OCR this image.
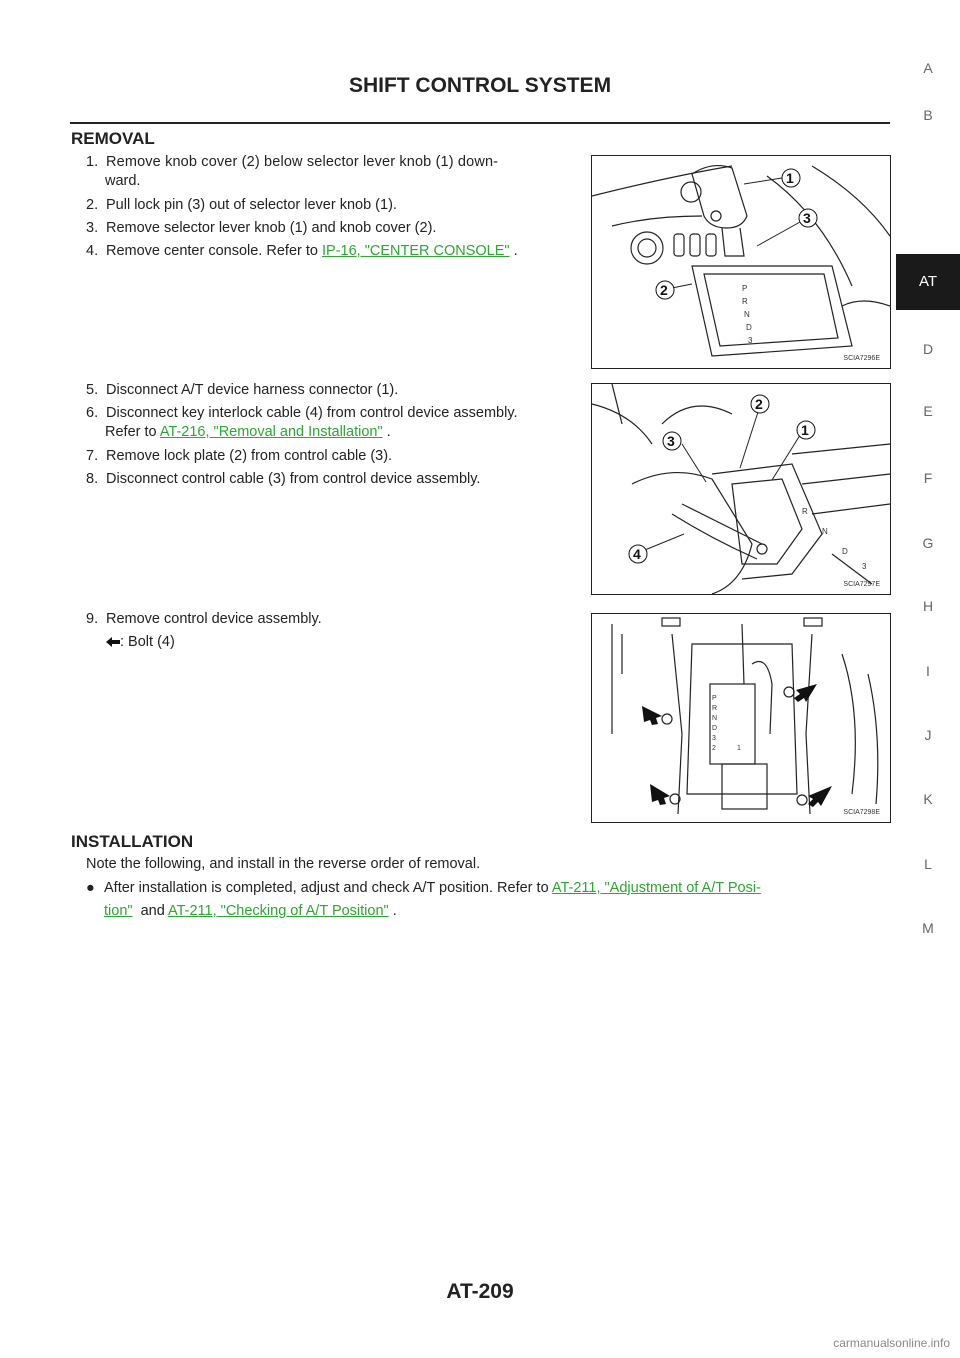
SHIFT CONTROL SYSTEM
A
B
AT
D
E
F
G
H
I
J
K
L
M
REMOVAL
1. Remove knob cover (2) below selector lever knob (1) down-
ward.
2. Pull lock pin (3) out of selector lever knob (1).
3. Remove selector lever knob (1) and knob cover (2).
4. Remove center console. Refer to IP-16, "CENTER CONSOLE" .
5. Disconnect A/T device harness connector (1).
6. Disconnect key interlock cable (4) from control device assembly.
Refer to AT-216, "Removal and Installation" .
7. Remove lock plate (2) from control cable (3).
8. Disconnect control cable (3) from control device assembly.
9. Remove control device assembly.
: Bolt (4)
P
R
N
D
3
1
2
3
SCIA7296E
R
N
D
3
1
2
3
4
SCIA7297E
P
R
N
D
3
2	1
SCIA7298E
INSTALLATION
Note the following, and install in the reverse order of removal.
● After installation is completed, adjust and check A/T position. Refer to AT-211, "Adjustment of A/T Posi-
tion"  and AT-211, "Checking of A/T Position" .
AT-209
carmanualsonline.info
